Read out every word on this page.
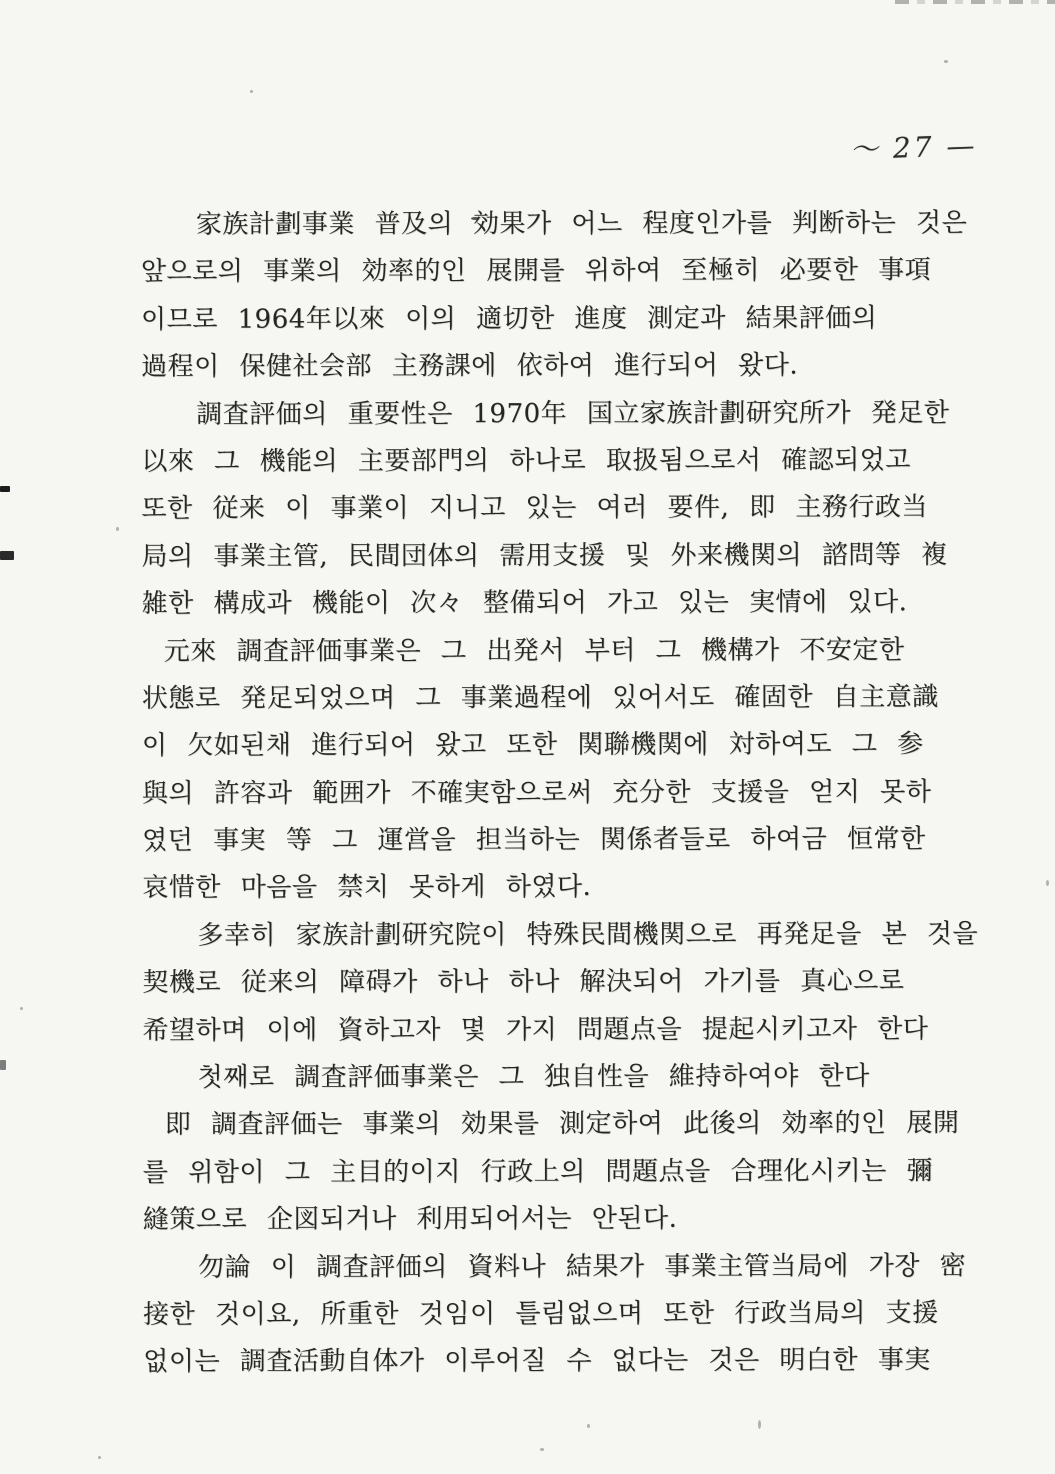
～ 27 —
家族計劃事業 普及의 効果가 어느 程度인가를 判断하는 것은
앞으로의 事業의 効率的인 展開를 위하여 至極히 必要한 事項
이므로 1964年以來 이의 適切한 進度 測定과 結果評価의
過程이 保健社会部 主務課에 依하여 進行되어 왔다.
調査評価의 重要性은 1970年 国立家族計劃研究所가 発足한
以來 그 機能의 主要部門의 하나로 取扱됨으로서 確認되었고
또한 従来 이 事業이 지니고 있는 여러 要件, 即 主務行政当
局의 事業主管, 民間団体의 需用支援 및 外来機関의 諮問等 複
雑한 構成과 機能이 次々 整備되어 가고 있는 実情에 있다.
元來 調査評価事業은 그 出発서 부터 그 機構가 不安定한
状態로 発足되었으며 그 事業過程에 있어서도 確固한 自主意識
이 欠如된채 進行되어 왔고 또한 関聯機関에 対하여도 그 参
與의 許容과 範囲가 不確実함으로써 充分한 支援을 얻지 못하
였던 事実 等 그 運営을 担当하는 関係者들로 하여금 恒常한
哀惜한 마음을 禁치 못하게 하였다.
多幸히 家族計劃研究院이 特殊民間機関으로 再発足을 본 것을
契機로 従来의 障碍가 하나 하나 解決되어 가기를 真心으로
希望하며 이에 資하고자 몇 가지 問題点을 提起시키고자 한다
첫째로 調査評価事業은 그 独自性을 維持하여야 한다
即 調査評価는 事業의 効果를 測定하여 此後의 効率的인 展開
를 위함이 그 主目的이지 行政上의 問題点을 合理化시키는 彌
縫策으로 企図되거나 利用되어서는 안된다.
勿論 이 調査評価의 資料나 結果가 事業主管当局에 가장 密
接한 것이요, 所重한 것임이 틀림없으며 또한 行政当局의 支援
없이는 調査活動自体가 이루어질 수 없다는 것은 明白한 事実
